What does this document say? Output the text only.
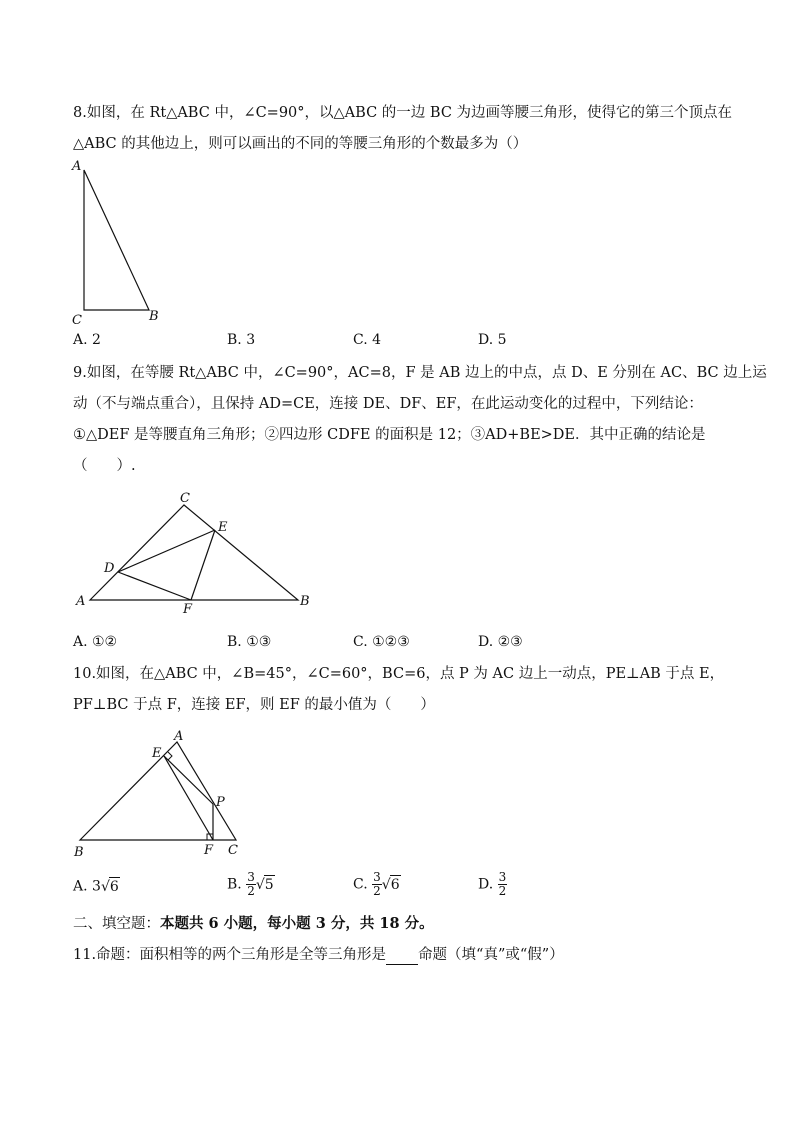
8.如图，在 Rt△ABC 中，∠C=90°，以△ABC 的一边 BC 为边画等腰三角形，使得它的第三个顶点在
△ABC 的其他边上，则可以画出的不同的等腰三角形的个数最多为（）
A
C	B
A. 2	B. 3	C. 4	D. 5
9.如图，在等腰 Rt△ABC 中，∠C=90°，AC=8，F 是 AB 边上的中点，点 D、E 分别在 AC、BC 边上运
动（不与端点重合），且保持 AD=CE，连接 DE、DF、EF，在此运动变化的过程中，下列结论：
①△DEF 是等腰直角三角形；②四边形 CDFE 的面积是 12；③AD+BE>DE．其中正确的结论是
（　　）.
C
E
D
A
F
B
A. ①②	B. ①③	C. ①②③	D. ②③
10.如图，在△ABC 中，∠B=45°，∠C=60°，BC=6，点 P 为 AC 边上一动点，PE⊥AB 于点 E，
PF⊥BC 于点 F，连接 EF，则 EF 的最小值为（　　）
A
E
P
B	F C
A. 3√6	B. $\frac{3}{2} √5$	C. $\frac{3}{2} √6$	D. $\frac{3}{2}$
二、填空题：本题共 6 小题，每小题 3 分，共 18 分。
11.命题：面积相等的两个三角形是全等三角形是 命题（填“真”或“假”）
